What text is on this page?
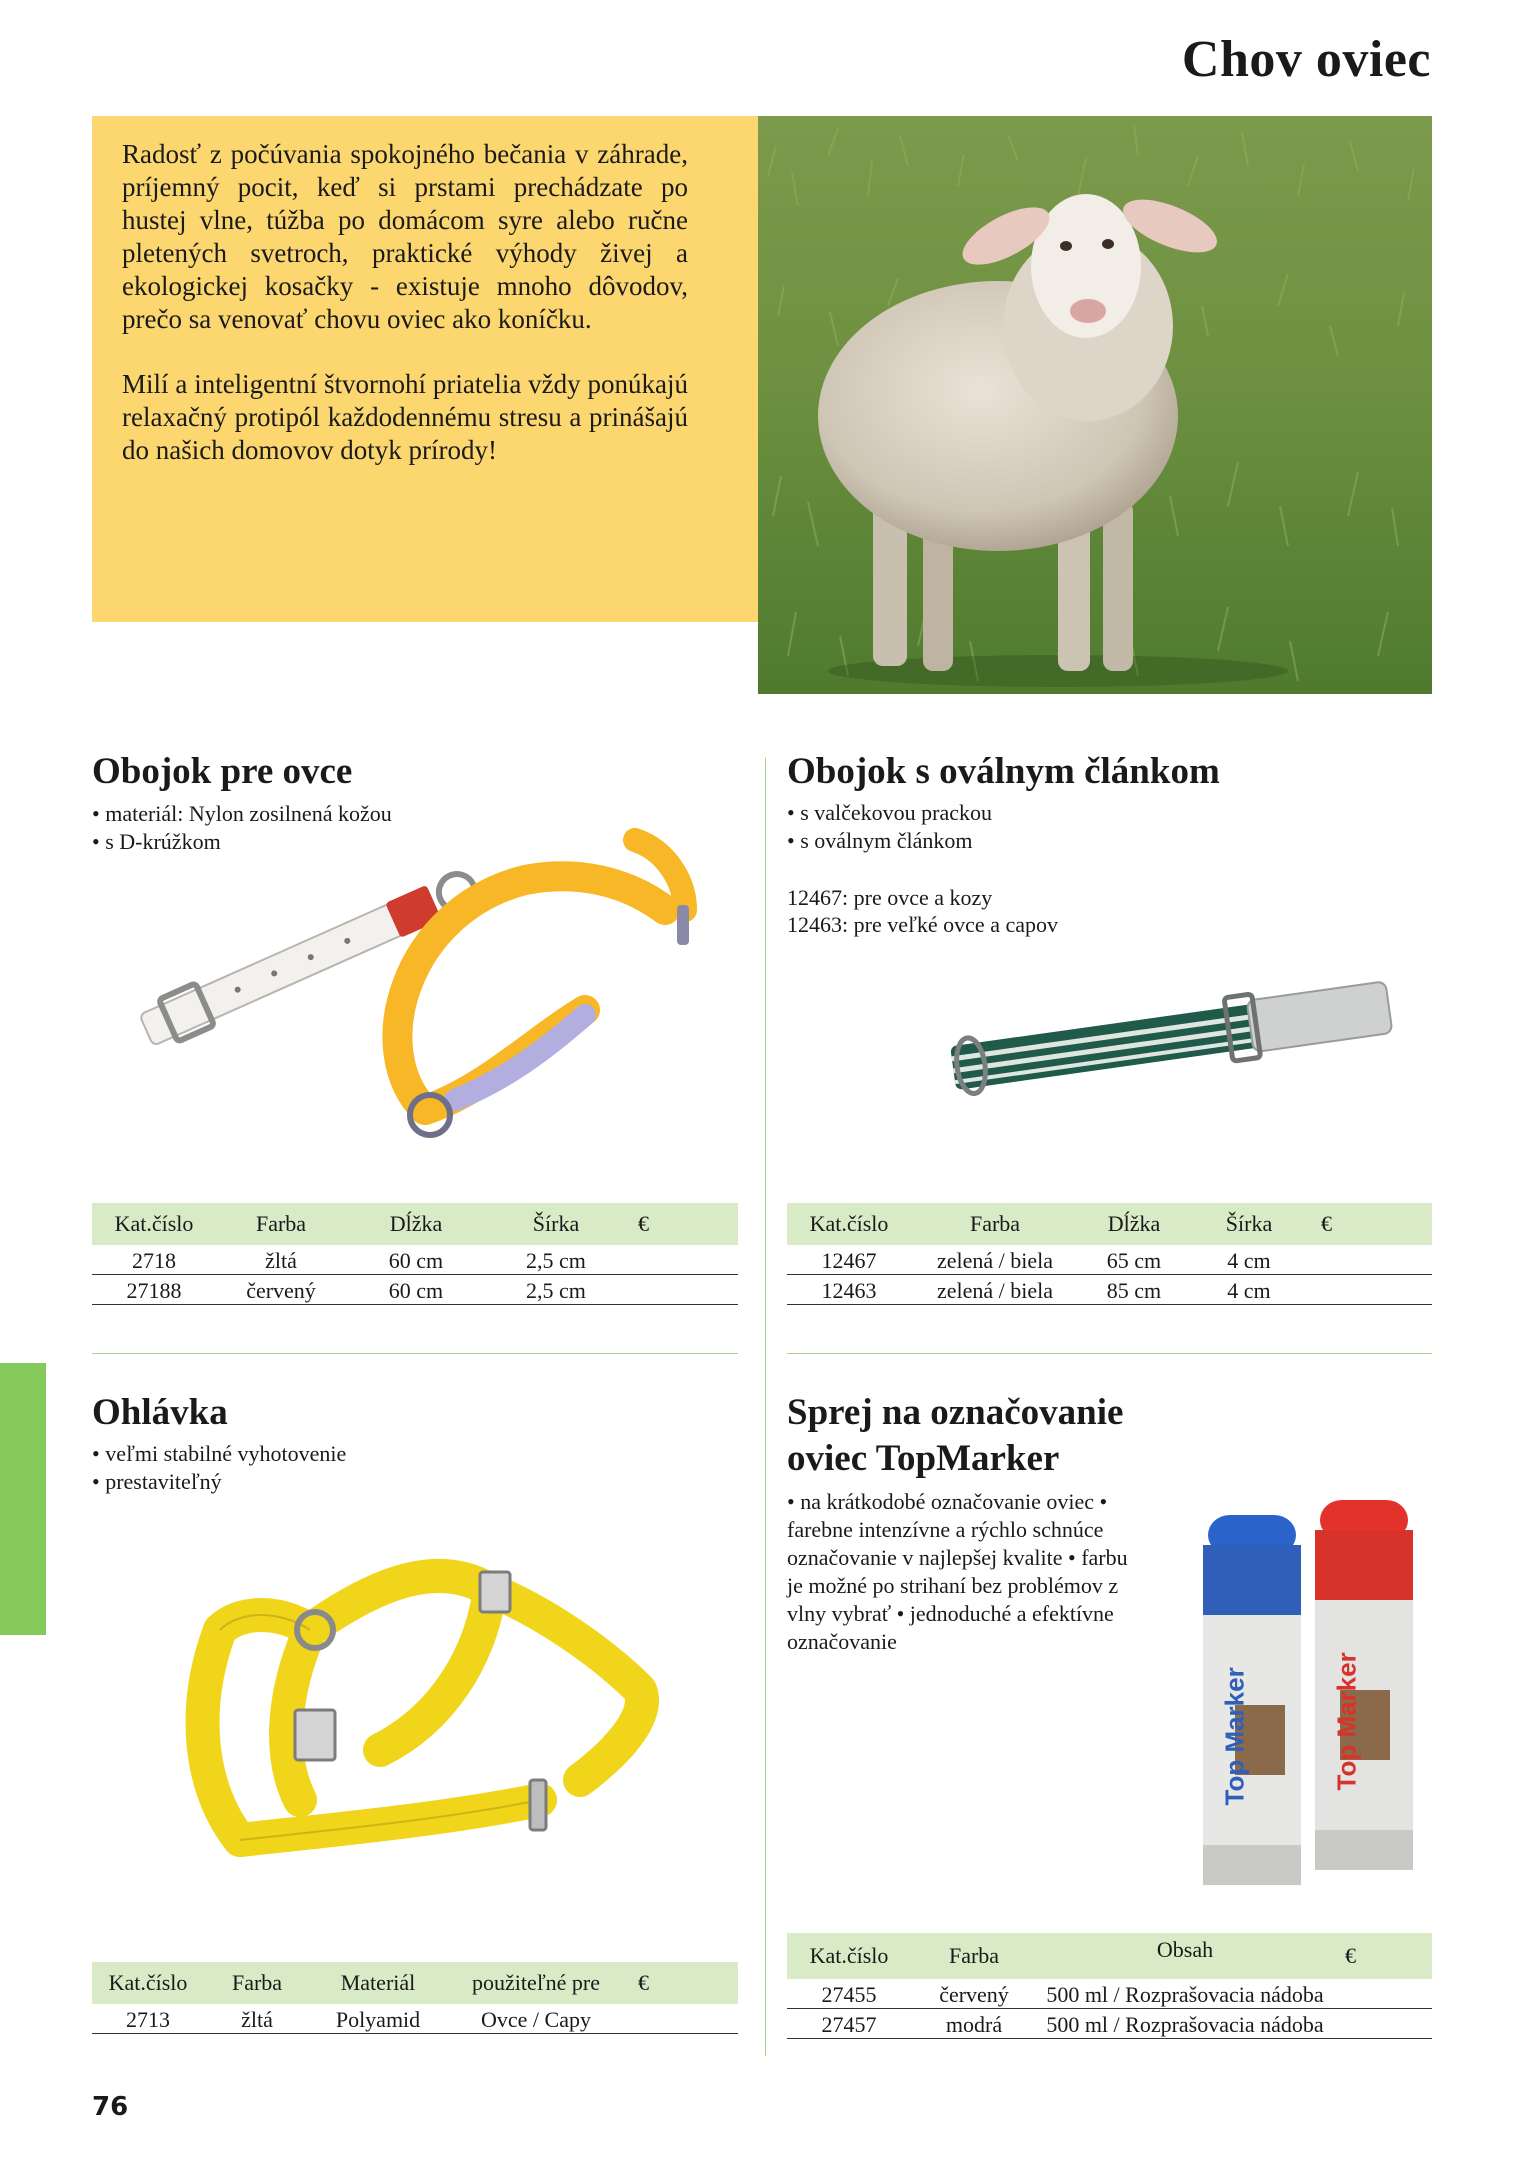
Chov oviec

Radosť z počúvania spokojného bečania v záhrade, príjemný pocit, keď si prstami prechádzate po hustej vlne, túžba po domácom syre alebo ručne pletených svetroch, praktické výhody živej a ekologickej kosačky - existuje mnoho dôvodov, prečo sa venovať chovu oviec ako koníčku.

Milí a inteligentní štvornohí priatelia vždy ponúkajú relaxačný protipól každodennému stresu a prinášajú do našich domovov dotyk prírody!

Obojok pre ovce
• materiál: Nylon zosilnená kožou
• s D-krúžkom
Kat.číslo	Farba	Dĺžka	Šírka	€
2718	žltá	60 cm	2,5 cm	
27188	červený	60 cm	2,5 cm	
Obojok s oválnym článkom
• s valčekovou prackou
• s oválnym článkom
12467: pre ovce a kozy
12463: pre veľké ovce a capov
Kat.číslo	Farba	Dĺžka	Šírka	€
12467	zelená / biela	65 cm	4 cm	
12463	zelená / biela	85 cm	4 cm	
Ohlávka
• veľmi stabilné vyhotovenie
• prestaviteľný
Kat.číslo	Farba	Materiál	použiteľné pre	€
2713	žltá	Polyamid	Ovce / Capy	
Sprej na označovanie
oviec TopMarker
• na krátkodobé označovanie oviec • farebne intenzívne a rýchlo schnúce označovanie v najlepšej kvalite • farbu je možné po strihaní bez problémov z vlny vybrať • jednoduché a efektívne označovanie
Top Marker	Top Marker
Kat.číslo	Farba	Obsah	€
27455	červený	500 ml / Rozprašovacia nádoba	
27457	modrá	500 ml / Rozprašovacia nádoba	
76
